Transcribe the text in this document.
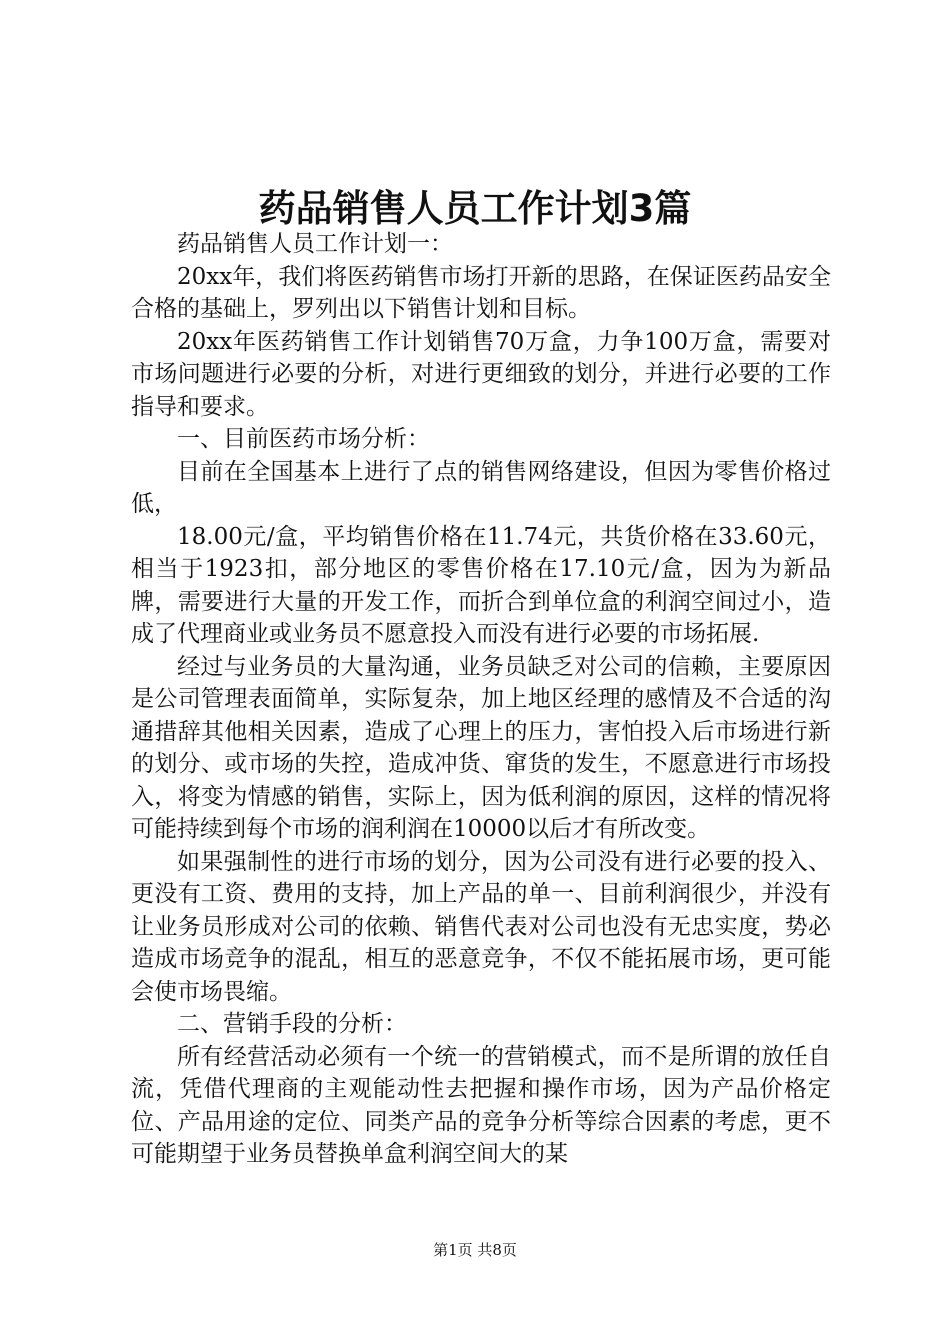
药品销售人员工作计划3篇

药品销售人员工作计划一：

20xx年，我们将医药销售市场打开新的思路，在保证医药品安全合格的基础上，罗列出以下销售计划和目标。

20xx年医药销售工作计划销售70万盒，力争100万盒，需要对市场问题进行必要的分析，对进行更细致的划分，并进行必要的工作指导和要求。

一、目前医药市场分析：

目前在全国基本上进行了点的销售网络建设，但因为零售价格过低，

18.00元/盒，平均销售价格在11.74元，共货价格在33.60元，相当于1923扣，部分地区的零售价格在17.10元/盒，因为为新品牌，需要进行大量的开发工作，而折合到单位盒的利润空间过小，造成了代理商业或业务员不愿意投入而没有进行必要的市场拓展.

经过与业务员的大量沟通，业务员缺乏对公司的信赖，主要原因是公司管理表面简单，实际复杂，加上地区经理的感情及不合适的沟通措辞其他相关因素，造成了心理上的压力，害怕投入后市场进行新的划分、或市场的失控，造成冲货、窜货的发生，不愿意进行市场投入，将变为情感的销售，实际上，因为低利润的原因，这样的情况将可能持续到每个市场的润利润在10000以后才有所改变。

如果强制性的进行市场的划分，因为公司没有进行必要的投入、更没有工资、费用的支持，加上产品的单一、目前利润很少，并没有让业务员形成对公司的依赖、销售代表对公司也没有无忠实度，势必造成市场竞争的混乱，相互的恶意竞争，不仅不能拓展市场，更可能会使市场畏缩。

二、营销手段的分析：

所有经营活动必须有一个统一的营销模式，而不是所谓的放任自流，凭借代理商的主观能动性去把握和操作市场，因为产品价格定位、产品用途的定位、同类产品的竞争分析等综合因素的考虑，更不可能期望于业务员替换单盒利润空间大的某

第1页 共8页
